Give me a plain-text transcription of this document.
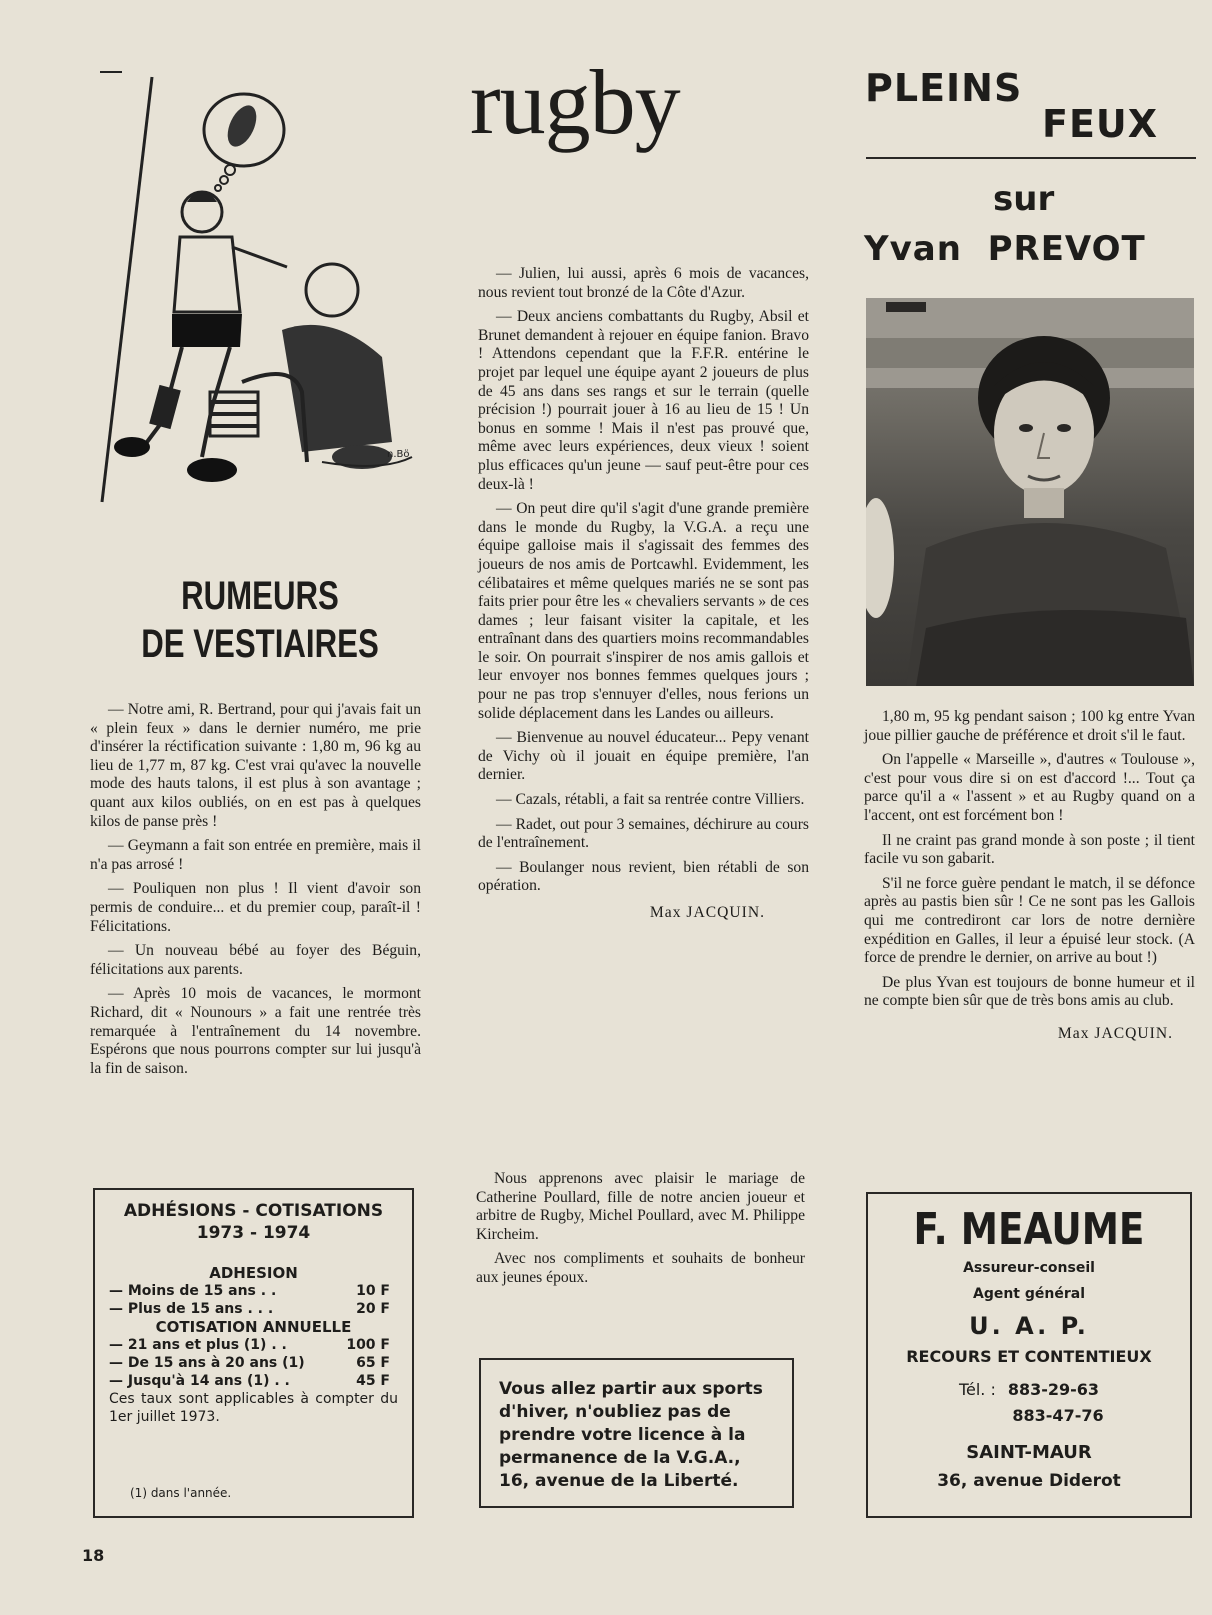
n.Bö
RUMEURS
DE VESTIAIRES

— Notre ami, R. Bertrand, pour qui j'avais fait un « plein feux » dans le dernier numéro, me prie d'insérer la réctification suivante : 1,80 m, 96 kg au lieu de 1,77 m, 87 kg. C'est vrai qu'avec la nouvelle mode des hauts talons, il est plus à son avantage ; quant aux kilos oubliés, on en est pas à quelques kilos de panse près !

— Geymann a fait son entrée en première, mais il n'a pas arrosé !

— Pouliquen non plus ! Il vient d'avoir son permis de conduire... et du premier coup, paraît-il ! Félicitations.

— Un nouveau bébé au foyer des Béguin, félicitations aux parents.

— Après 10 mois de vacances, le mormont Richard, dit « Nounours » a fait une rentrée très remarquée à l'entraînement du 14 novembre. Espérons que nous pourrons compter sur lui jusqu'à la fin de saison.

ADHÉSIONS - COTISATIONS
1973 - 1974
ADHESION
— Moins de 15 ans . .	10 F
— Plus de 15 ans . . .	20 F
COTISATION ANNUELLE
— 21 ans et plus (1) . .	100 F
— De 15 ans à 20 ans (1)	65 F
— Jusqu'à 14 ans (1) . .	45 F
Ces taux sont applicables à compter du 1er juillet 1973.
(1) dans l'année.
rugby

— Julien, lui aussi, après 6 mois de vacances, nous revient tout bronzé de la Côte d'Azur.

— Deux anciens combattants du Rugby, Absil et Brunet demandent à rejouer en équipe fanion. Bravo ! Attendons cependant que la F.F.R. entérine le projet par lequel une équipe ayant 2 joueurs de plus de 45 ans dans ses rangs et sur le terrain (quelle précision !) pourrait jouer à 16 au lieu de 15 ! Un bonus en somme ! Mais il n'est pas prouvé que, même avec leurs expériences, deux vieux ! soient plus efficaces qu'un jeune — sauf peut-être pour ces deux-là !

— On peut dire qu'il s'agit d'une grande première dans le monde du Rugby, la V.G.A. a reçu une équipe galloise mais il s'agissait des femmes des joueurs de nos amis de Portcawhl. Evidemment, les célibataires et même quelques mariés ne se sont pas faits prier pour être les « chevaliers servants » de ces dames ; leur faisant visiter la capitale, et les entraînant dans des quartiers moins recommandables le soir. On pourrait s'inspirer de nos amis gallois et leur envoyer nos bonnes femmes quelques jours ; pour ne pas trop s'ennuyer d'elles, nous ferions un solide déplacement dans les Landes ou ailleurs.

— Bienvenue au nouvel éducateur... Pepy venant de Vichy où il jouait en équipe première, l'an dernier.

— Cazals, rétabli, a fait sa rentrée contre Villiers.

— Radet, out pour 3 semaines, déchirure au cours de l'entraînement.

— Boulanger nous revient, bien rétabli de son opération.

Max JACQUIN.

Nous apprenons avec plaisir le mariage de Catherine Poullard, fille de notre ancien joueur et arbitre de Rugby, Michel Poullard, avec M. Philippe Kircheim.

Avec nos compliments et souhaits de bonheur aux jeunes époux.

Vous allez partir aux sports d'hiver, n'oubliez pas de prendre votre licence à la permanence de la V.G.A., 16, avenue de la Liberté.
PLEINS
FEUX
sur
Yvan  PREVOT

1,80 m, 95 kg pendant saison ; 100 kg entre Yvan joue pillier gauche de préférence et droit s'il le faut.

On l'appelle « Marseille », d'autres « Toulouse », c'est pour vous dire si on est d'accord !... Tout ça parce qu'il a « l'assent » et au Rugby quand on a l'accent, ont est forcément bon !

Il ne craint pas grand monde à son poste ; il tient facile vu son gabarit.

S'il ne force guère pendant le match, il se défonce après au pastis bien sûr ! Ce ne sont pas les Gallois qui me contrediront car lors de notre dernière expédition en Galles, il leur a épuisé leur stock. (A force de prendre le dernier, on arrive au bout !)

De plus Yvan est toujours de bonne humeur et il ne compte bien sûr que de très bons amis au club.

Max JACQUIN.
F. MEAUME
Assureur-conseil
Agent général
U. A. P.
RECOURS ET CONTENTIEUX
Tél. : 883-29-63
883-47-76
SAINT-MAUR
36, avenue Diderot
18
